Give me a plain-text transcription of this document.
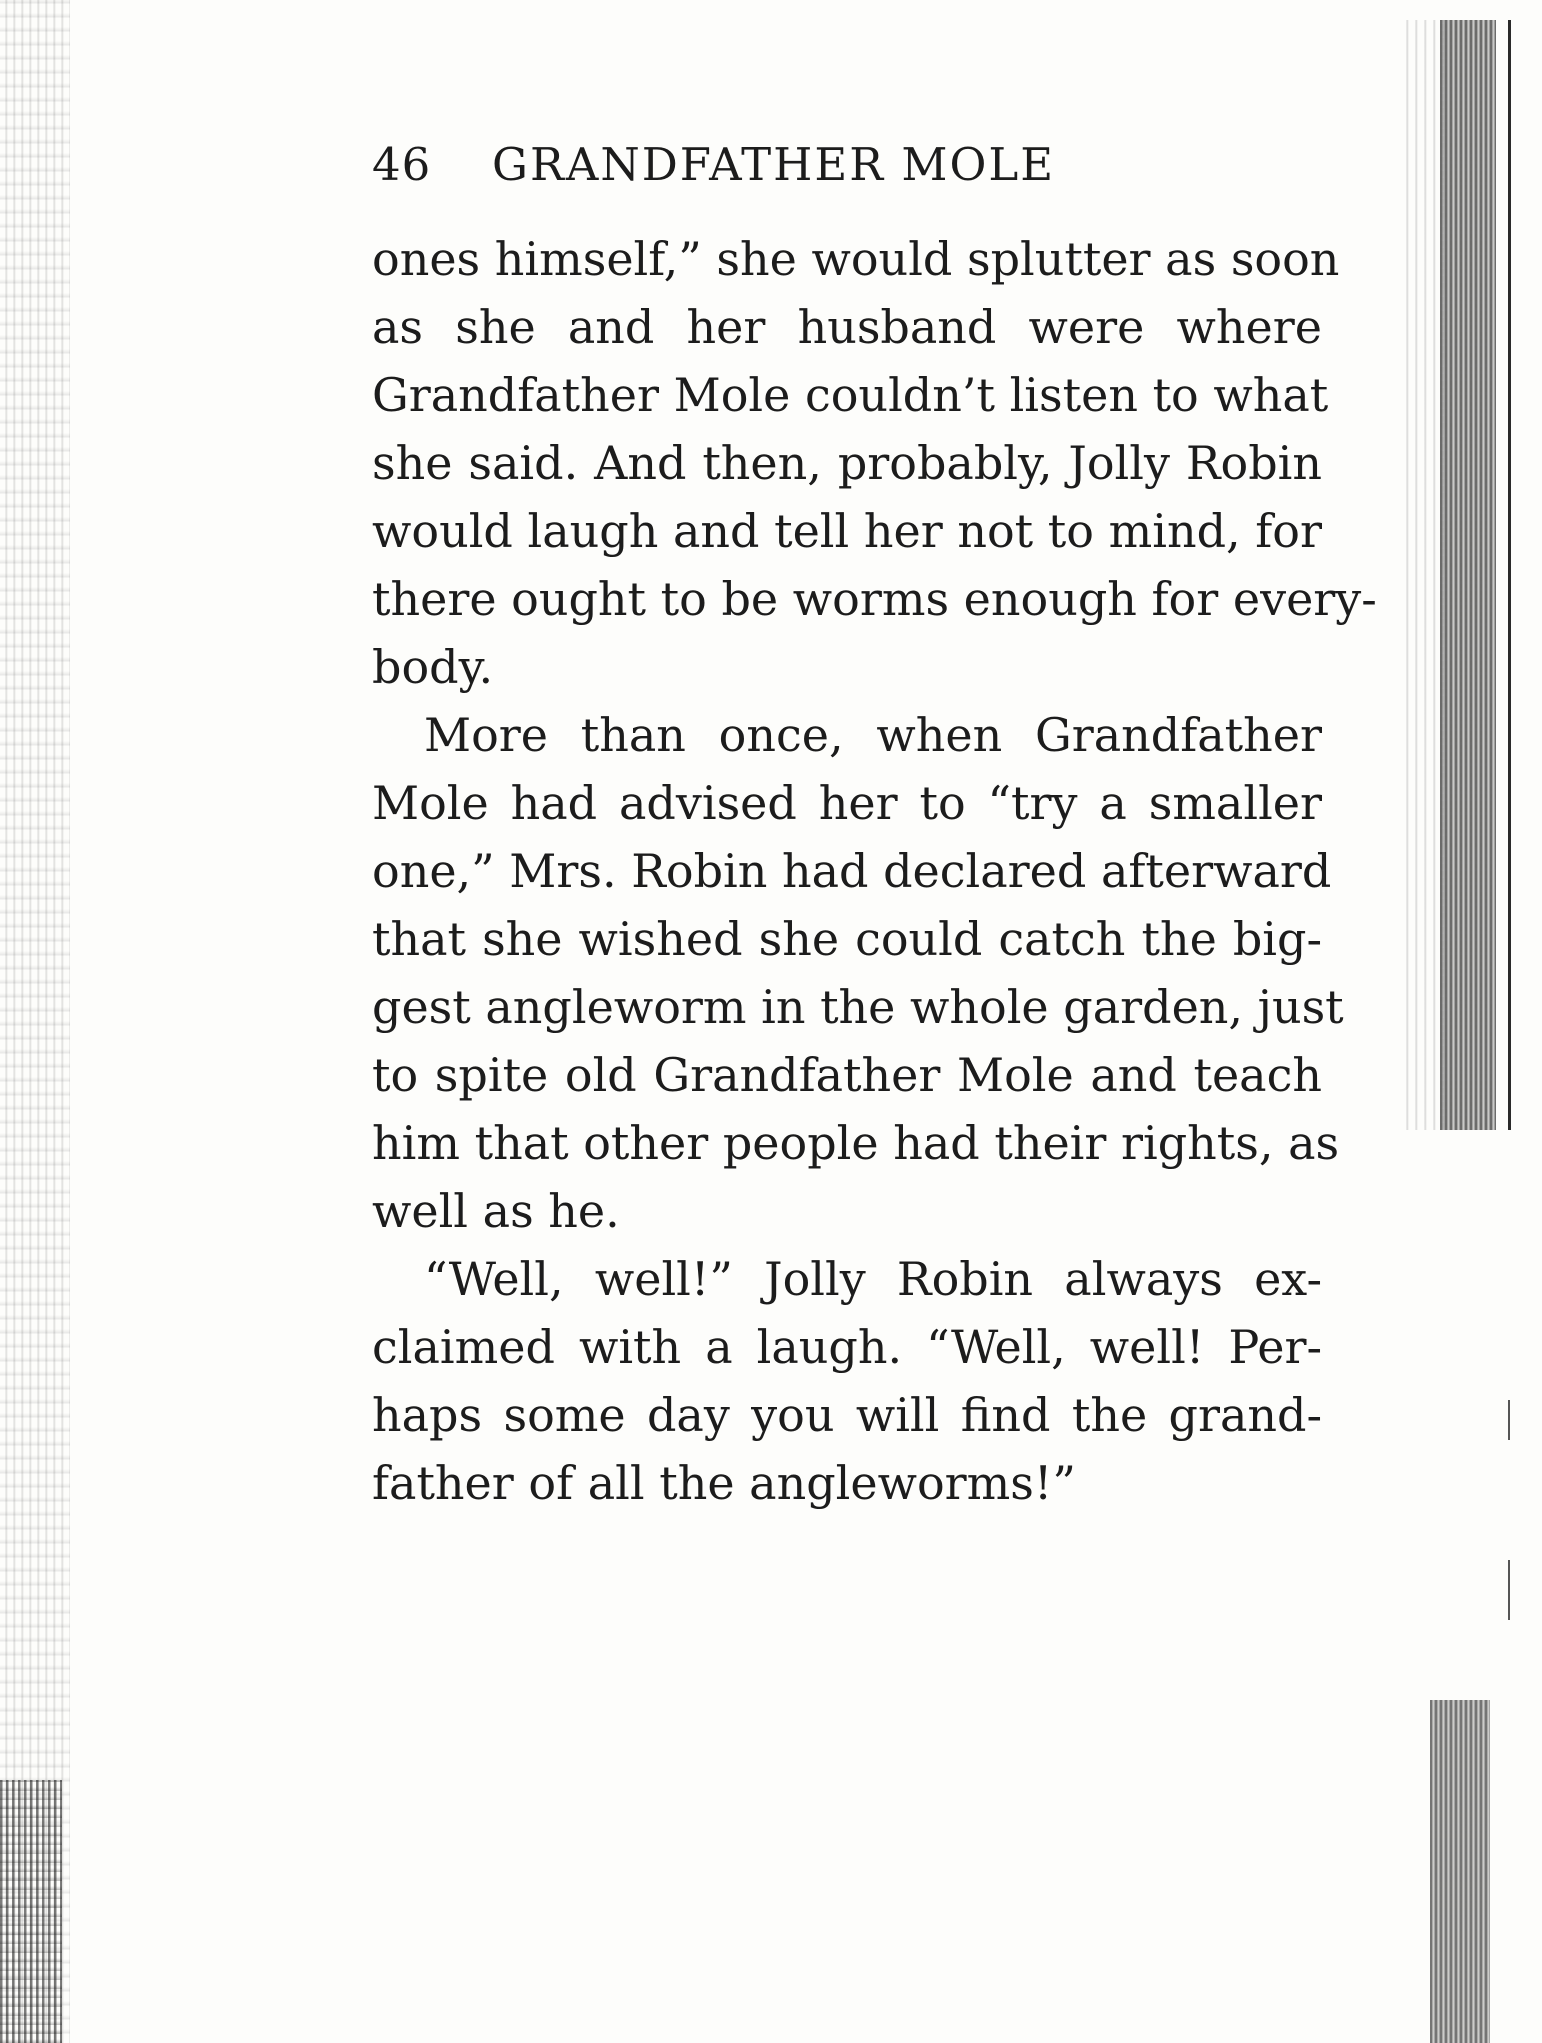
46 GRANDFATHER MOLE

ones himself,” she would splutter as soon
as she and her husband were where
Grandfather Mole couldn’t listen to what
she said. And then, probably, Jolly Robin
would laugh and tell her not to mind, for
there ought to be worms enough for every-
body.

More than once, when Grandfather
Mole had advised her to “try a smaller
one,” Mrs. Robin had declared afterward
that she wished she could catch the big-
gest angleworm in the whole garden, just
to spite old Grandfather Mole and teach
him that other people had their rights, as
well as he.

“Well, well!” Jolly Robin always ex-
claimed with a laugh. “Well, well! Per-
haps some day you will find the grand-
father of all the angleworms!”
